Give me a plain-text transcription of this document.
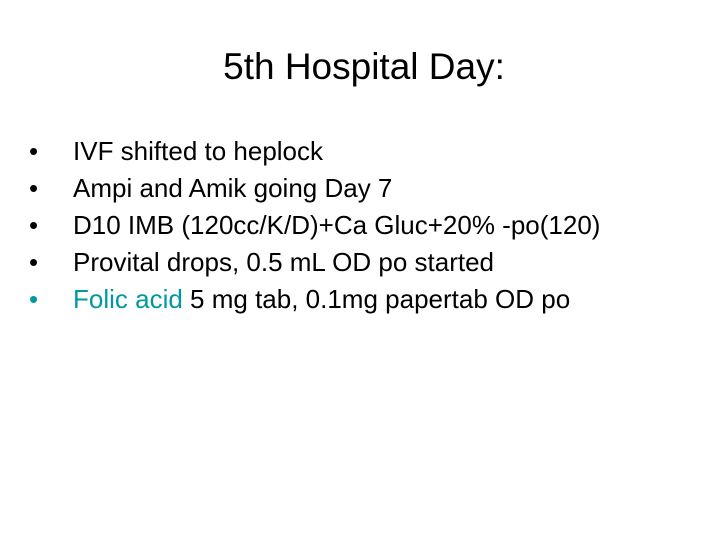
5th Hospital Day:
•	IVF shifted to heplock
•	Ampi and Amik going Day 7
•	D10 IMB (120cc/K/D)+Ca Gluc+20% -po(120)
•	Provital drops, 0.5 mL OD po started
•	Folic acid 5 mg tab, 0.1mg papertab OD po
